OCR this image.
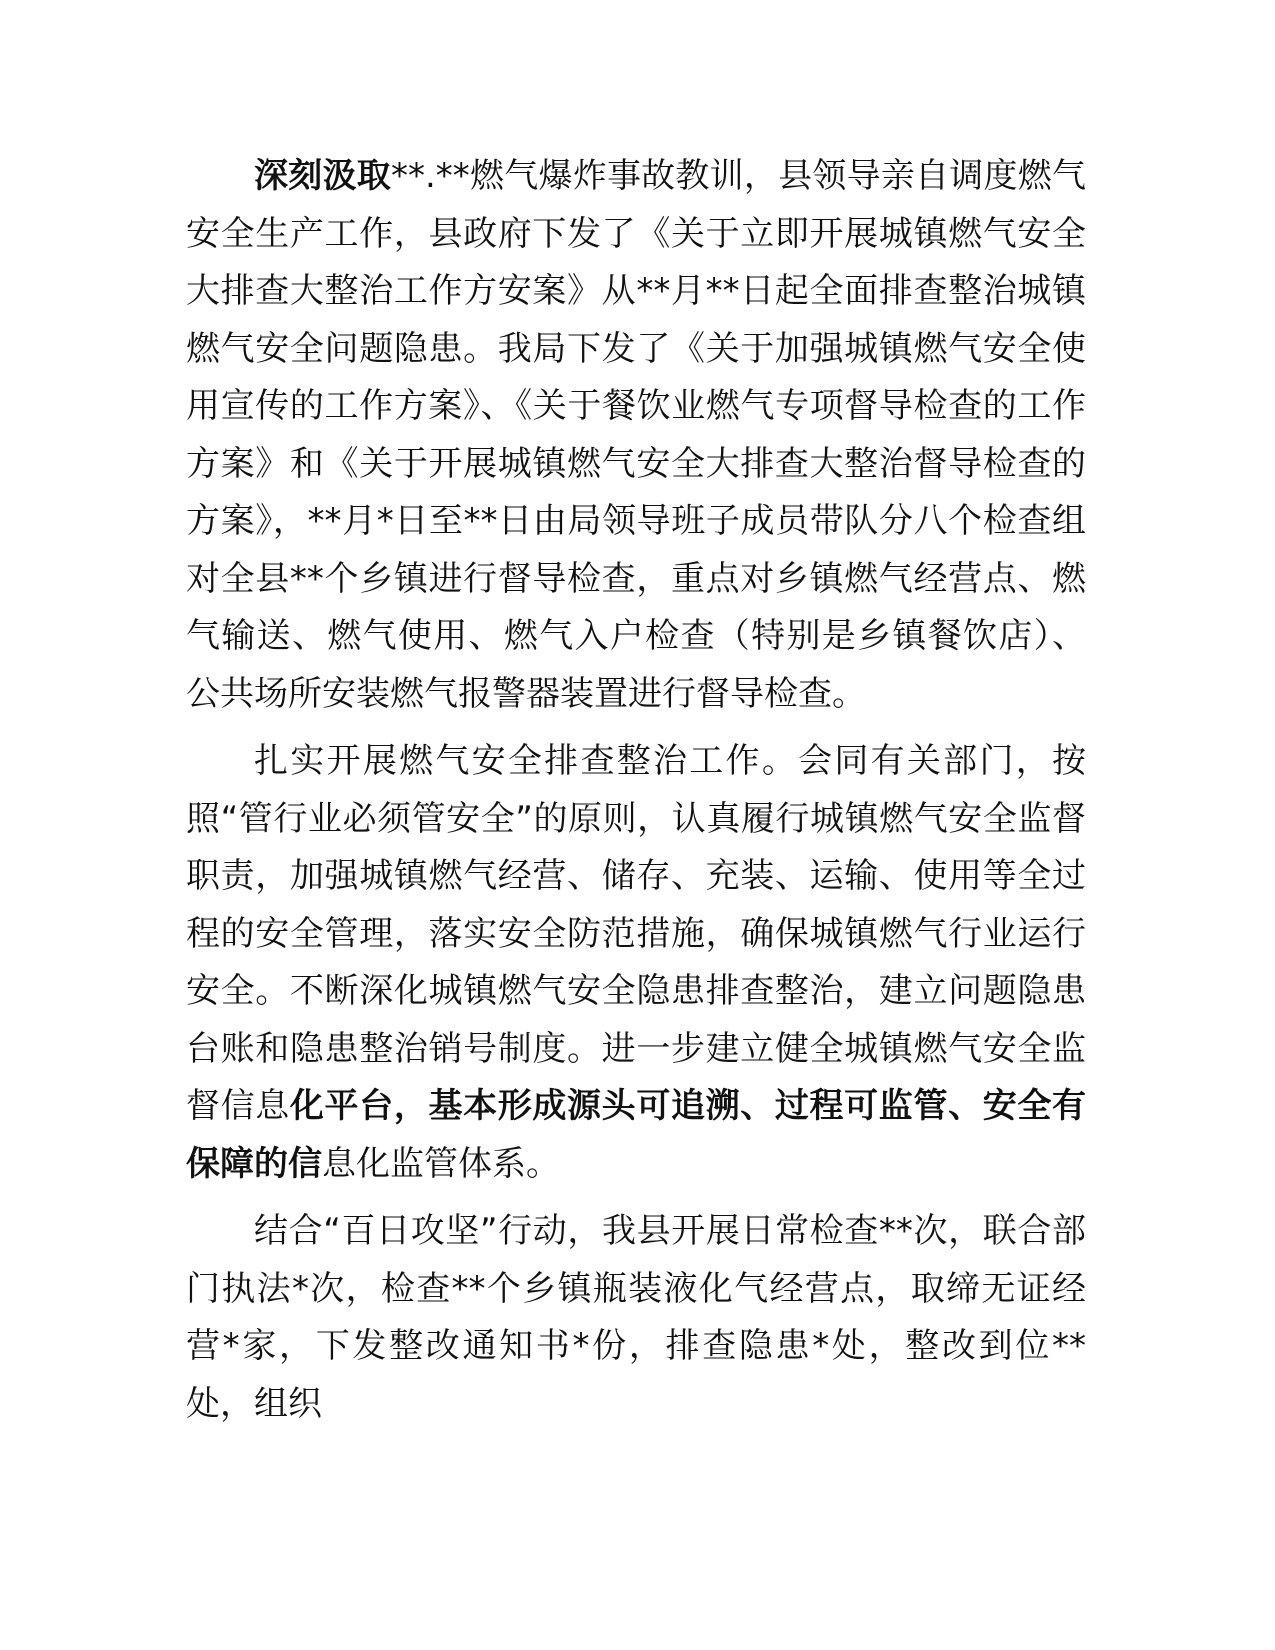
深刻汲取**.**燃气爆炸事故教训，县领导亲自调度燃气安全生产工作，县政府下发了《关于立即开展城镇燃气安全大排查大整治工作方安案》从**月**日起全面排查整治城镇燃气安全问题隐患。我局下发了《关于加强城镇燃气安全使用宣传的工作方案》、《关于餐饮业燃气专项督导检查的工作方案》和《关于开展城镇燃气安全大排查大整治督导检查的方案》，**月*日至**日由局领导班子成员带队分八个检查组对全县**个乡镇进行督导检查，重点对乡镇燃气经营点、燃气输送、燃气使用、燃气入户检查（特别是乡镇餐饮店）、公共场所安装燃气报警器装置进行督导检查。

扎实开展燃气安全排查整治工作。会同有关部门，按照“管行业必须管安全”的原则，认真履行城镇燃气安全监督职责，加强城镇燃气经营、储存、充装、运输、使用等全过程的安全管理，落实安全防范措施，确保城镇燃气行业运行安全。不断深化城镇燃气安全隐患排查整治，建立问题隐患台账和隐患整治销号制度。进一步建立健全城镇燃气安全监督信息化平台，基本形成源头可追溯、过程可监管、安全有保障的信息化监管体系。

结合“百日攻坚”行动，我县开展日常检查**次，联合部门执法*次，检查**个乡镇瓶装液化气经营点，取缔无证经营*家，下发整改通知书*份，排查隐患*处，整改到位**处，组织
